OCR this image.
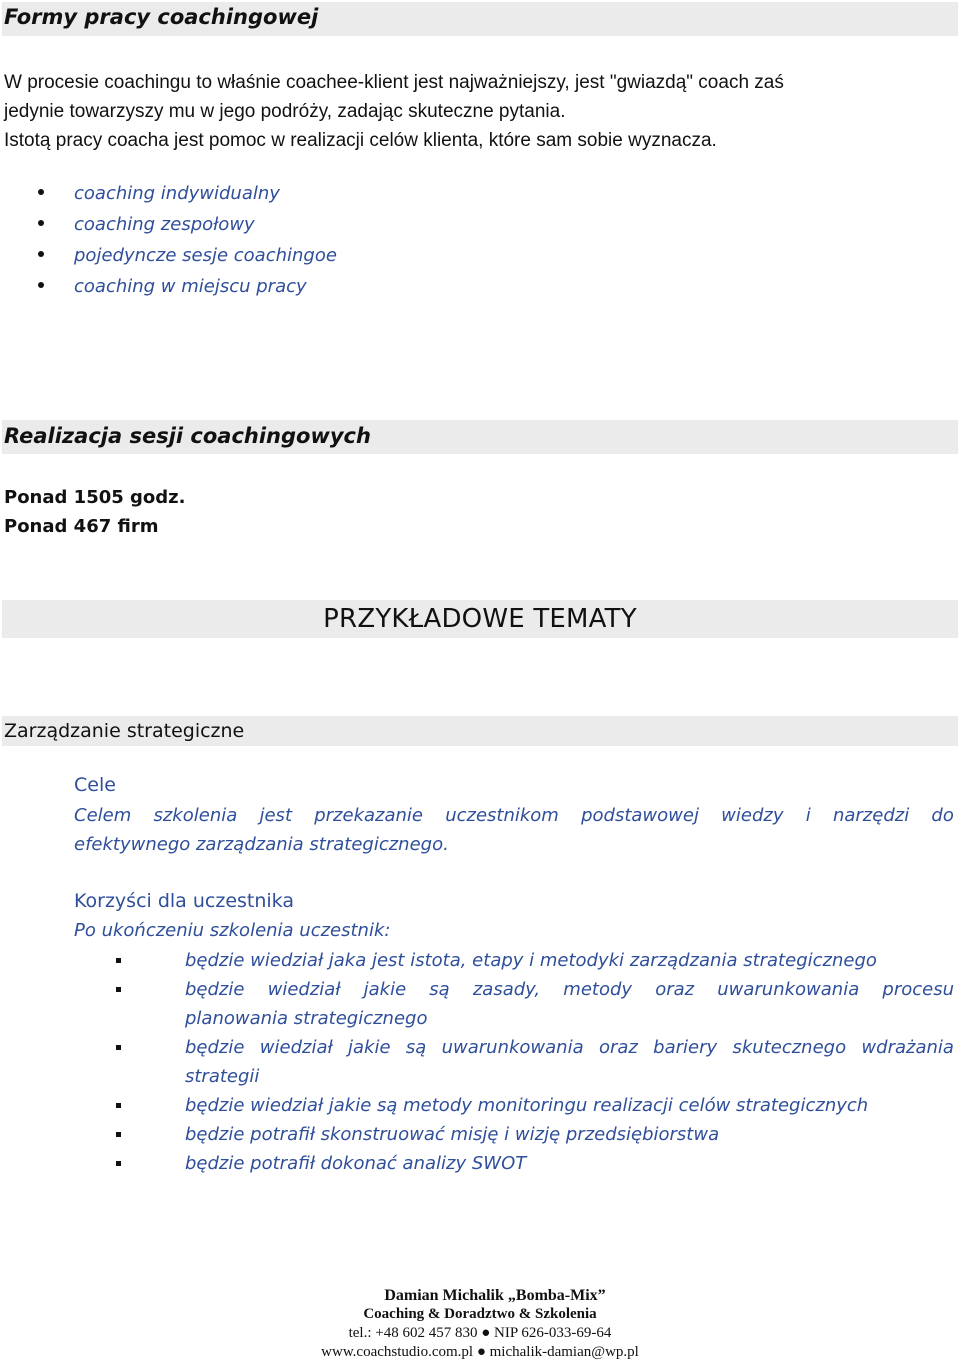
Formy pracy coachingowej
W procesie coachingu to właśnie coachee-klient jest najważniejszy, jest "gwiazdą" coach zaś
jedynie towarzyszy mu w jego podróży, zadając skuteczne pytania.
Istotą pracy coacha jest pomoc w realizacji celów klienta, które sam sobie wyznacza.
coaching indywidualny
coaching zespołowy
pojedyncze sesje coachingoe
coaching w miejscu pracy
Realizacja sesji coachingowych
Ponad 1505 godz.
Ponad 467 firm
PRZYKŁADOWE TEMATY
Zarządzanie strategiczne
Cele
Celem szkolenia jest przekazanie uczestnikom podstawowej wiedzy i narzędzi do
efektywnego zarządzania strategicznego.
Korzyści dla uczestnika
Po ukończeniu szkolenia uczestnik:
będzie wiedział jaka jest istota, etapy i metodyki zarządzania strategicznego
będzie wiedział jakie są zasady, metody oraz uwarunkowania procesu
planowania strategicznego
będzie wiedział jakie są uwarunkowania oraz bariery skutecznego wdrażania
strategii
będzie wiedział jakie są metody monitoringu realizacji celów strategicznych
będzie potrafił skonstruować misję i wizję przedsiębiorstwa
będzie potrafił dokonać analizy SWOT
Damian Michalik „Bomba-Mix”
Coaching & Doradztwo & Szkolenia
tel.: +48 602 457 830 ● NIP 626-033-69-64
www.coachstudio.com.pl ● michalik-damian@wp.pl
